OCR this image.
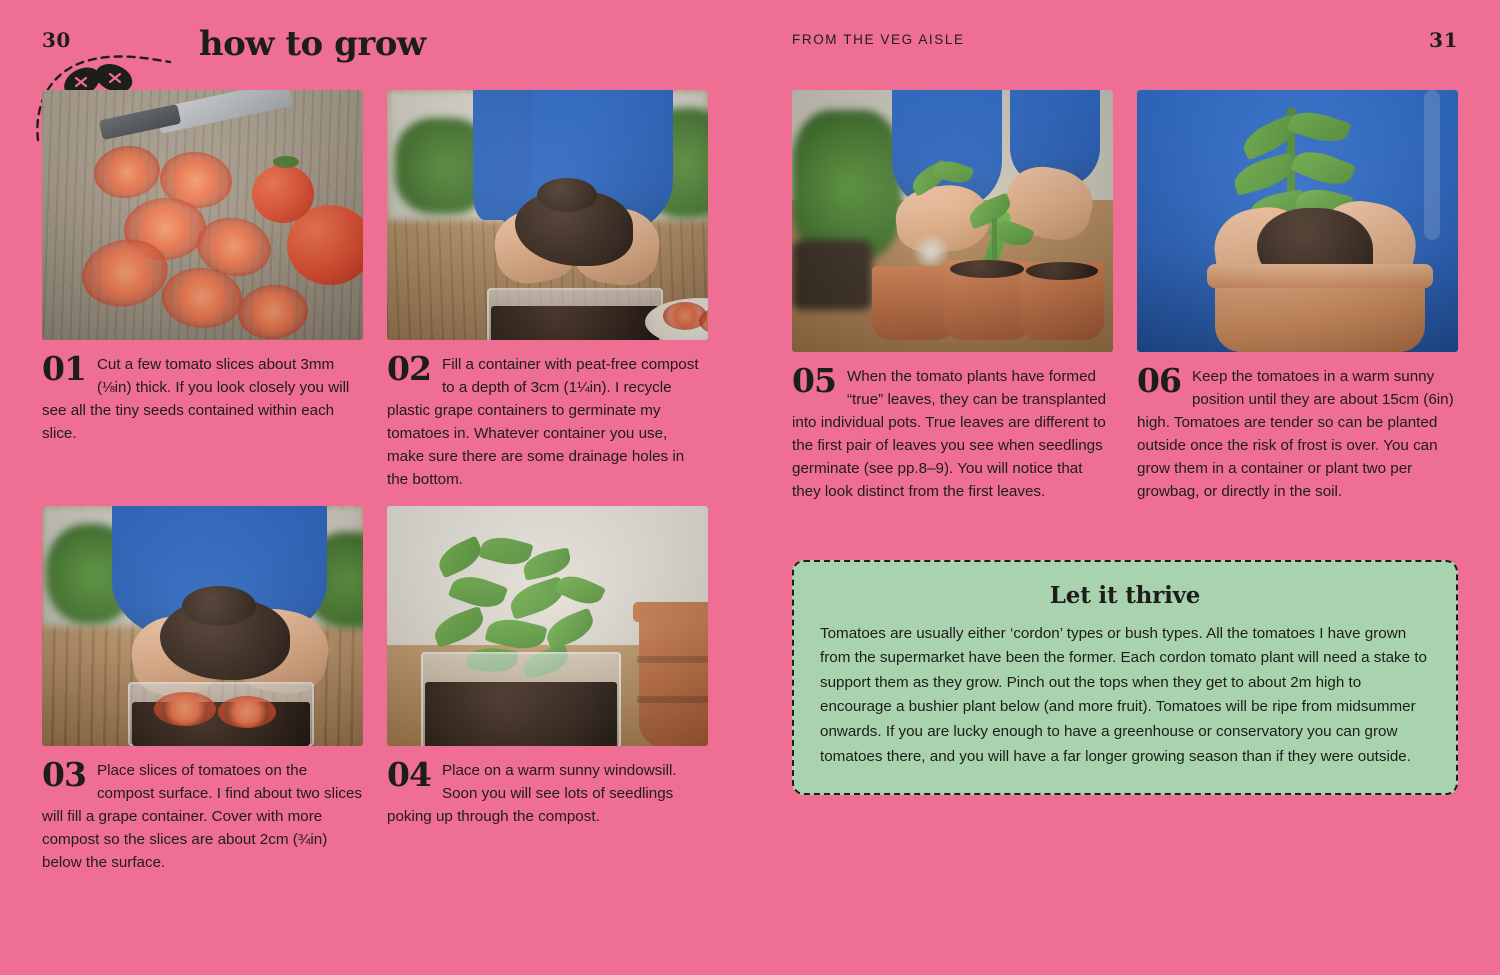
30	how to grow
01 Cut a few tomato slices about 3mm (⅛in) thick. If you look closely you will see all the tiny seeds contained within each slice.
02 Fill a container with peat-free compost to a depth of 3cm (1¼in). I recycle plastic grape containers to germinate my tomatoes in. Whatever container you use, make sure there are some drainage holes in the bottom.
03 Place slices of tomatoes on the compost surface. I find about two slices will fill a grape container. Cover with more compost so the slices are about 2cm (¾in) below the surface.
04 Place on a warm sunny windowsill. Soon you will see lots of seedlings poking up through the compost.
FROM THE VEG AISLE	31
05 When the tomato plants have formed “true” leaves, they can be transplanted into individual pots. True leaves are different to the first pair of leaves you see when seedlings germinate (see pp.8–9). You will notice that they look distinct from the first leaves.
06 Keep the tomatoes in a warm sunny position until they are about 15cm (6in) high. Tomatoes are tender so can be planted outside once the risk of frost is over. You can grow them in a container or plant two per growbag, or directly in the soil.
Let it thrive

Tomatoes are usually either ‘cordon’ types or bush types. All the tomatoes I have grown from the supermarket have been the former. Each cordon tomato plant will need a stake to support them as they grow. Pinch out the tops when they get to about 2m high to encourage a bushier plant below (and more fruit). Tomatoes will be ripe from midsummer onwards. If you are lucky enough to have a greenhouse or conservatory you can grow tomatoes there, and you will have a far longer growing season than if they were outside.
